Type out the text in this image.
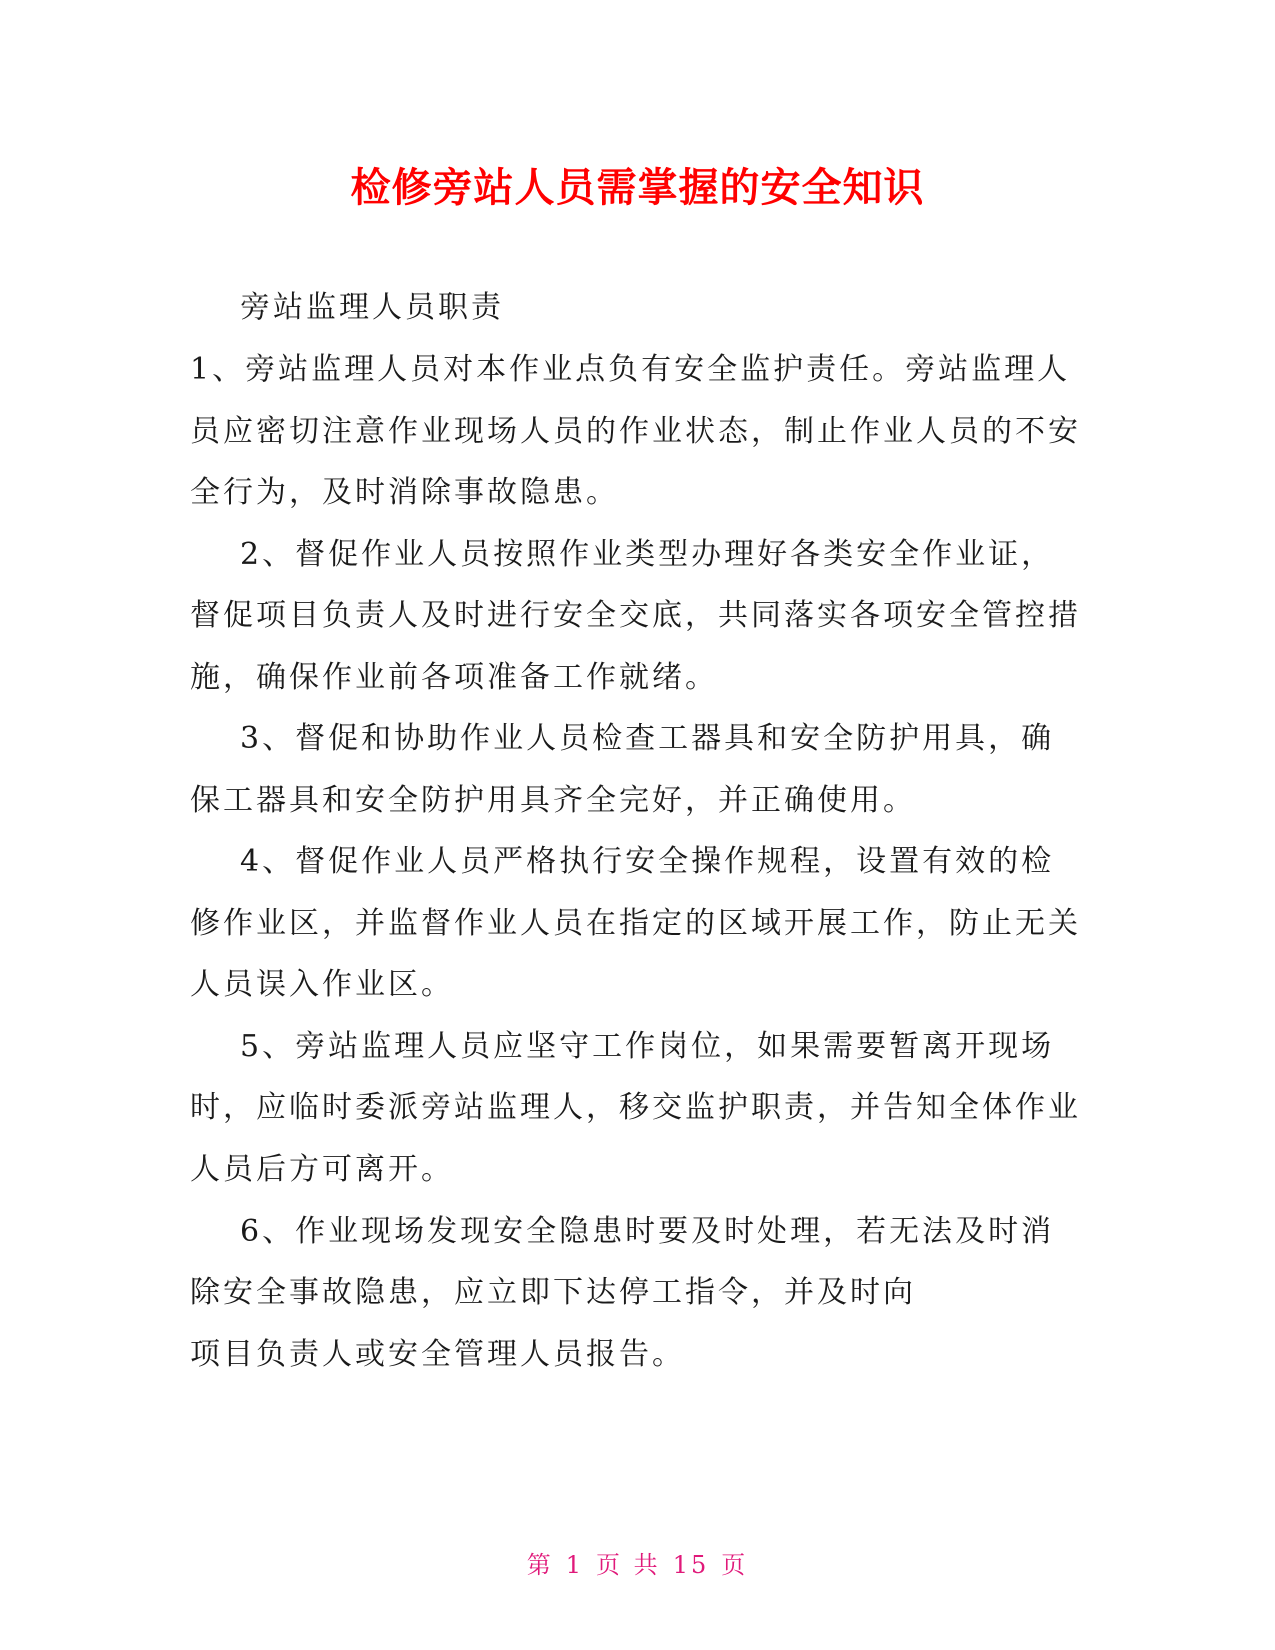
检修旁站人员需掌握的安全知识
旁站监理人员职责
1、旁站监理人员对本作业点负有安全监护责任。旁站监理人
员应密切注意作业现场人员的作业状态，制止作业人员的不安
全行为，及时消除事故隐患。
2、督促作业人员按照作业类型办理好各类安全作业证，
督促项目负责人及时进行安全交底，共同落实各项安全管控措
施，确保作业前各项准备工作就绪。
3、督促和协助作业人员检查工器具和安全防护用具，确
保工器具和安全防护用具齐全完好，并正确使用。
4、督促作业人员严格执行安全操作规程，设置有效的检
修作业区，并监督作业人员在指定的区域开展工作，防止无关
人员误入作业区。
5、旁站监理人员应坚守工作岗位，如果需要暂离开现场
时，应临时委派旁站监理人，移交监护职责，并告知全体作业
人员后方可离开。
6、作业现场发现安全隐患时要及时处理，若无法及时消
除安全事故隐患，应立即下达停工指令，并及时向
项目负责人或安全管理人员报告。
第 1 页 共 15 页
